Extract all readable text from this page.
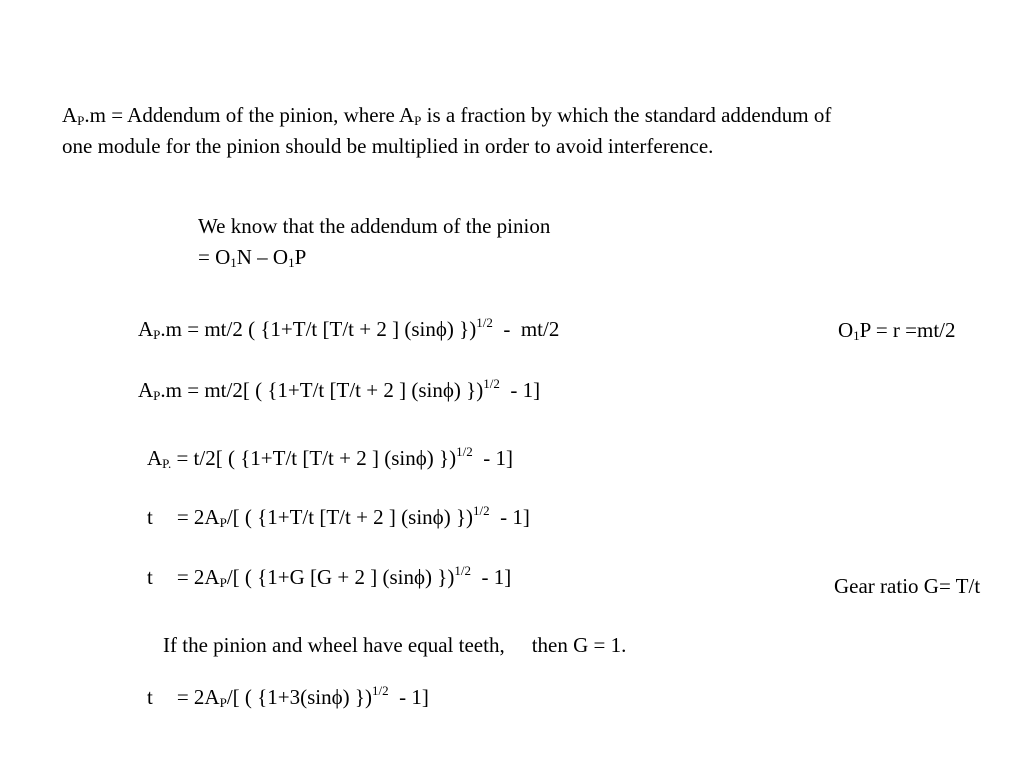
$A_P.m$ = Addendum of the pinion, where $A_P$ is a fraction by which the standard addendum of
one module for the pinion should be multiplied in order to avoid interference.
We know that the addendum of the pinion
= $O_1N - O_1P$
$A_P.m = mt/2$ ( {1+T/t [T/t + 2 ] (sinϕ) })$^{1/2}$  -  mt/2	$O_1P = r =mt/2$
$A_P.m = mt/2$[ ( {1+T/t [T/t + 2 ] (sinϕ) })$^{1/2}$  - 1]
$A_{P.} = t/2$[ ( {1+T/t [T/t + 2 ] (sinϕ) })$^{1/2}$  - 1]
$t = 2A_P/$[ ( {1+T/t [T/t + 2 ] (sinϕ) })$^{1/2}$  - 1]
$t = 2A_P/$[ ( {1+G [G + 2 ] (sinϕ) })$^{1/2}$  - 1]	Gear ratio G= T/t
If the pinion and wheel have equal teeth, then G = 1.
$t = 2A_P/$[ ( {1+3(sinϕ) })$^{1/2}$  - 1]
